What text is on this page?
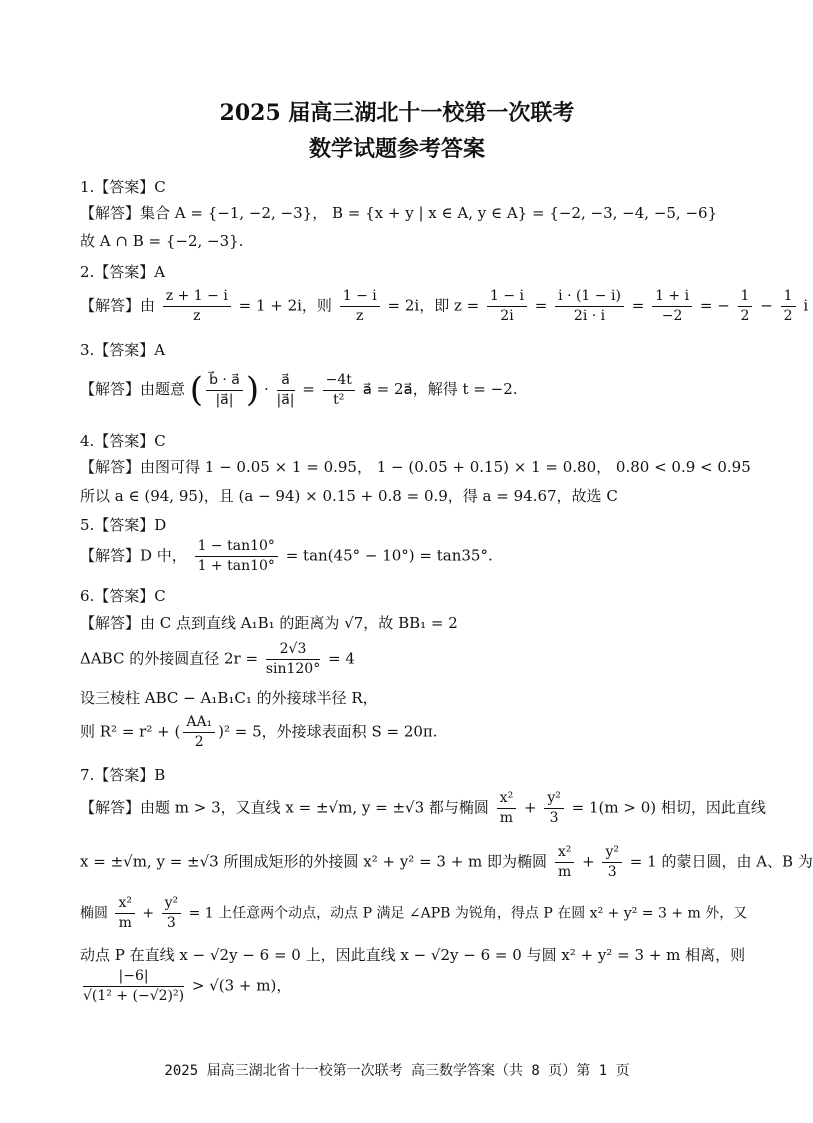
2025 届高三湖北十一校第一次联考
数学试题参考答案
1.【答案】C
【解答】集合 A = {−1, −2, −3}， B = {x + y | x ∈ A, y ∈ A} = {−2, −3, −4, −5, −6}
故 A ∩ B = {−2, −3}.
2.【答案】A
【解答】由 $\frac{z + 1 - i}{z} = 1 + 2i$，则 $\frac{1 - i}{z} = 2i$，即 $z = \frac{1 - i}{2i} = \frac{i \cdot (1 - i)}{2i \cdot i} = \frac{1 + i}{-2}$ = − $\frac{1}{2} - \frac{1}{2}$ i
3.【答案】A
【解答】由题意 ( $\frac{b⃗ \cdot a⃗}{|a⃗|}$ ) · $\frac{a⃗}{|a⃗|} = \frac{-4t}{\text{t²}}$ a⃗ = 2a⃗，解得 t = −2.
4.【答案】C
【解答】由图可得 1 − 0.05 × 1 = 0.95， 1 − (0.05 + 0.15) × 1 = 0.80， 0.80 < 0.9 < 0.95
所以 a ∈ (94, 95)，且 (a − 94) × 0.15 + 0.8 = 0.9，得 a = 94.67，故选 C
5.【答案】D
【解答】D 中， $\frac{1 - \tan 10^\circ}{1 + \tan 10^\circ} = \tan(45^\circ - 10^\circ) = \tan 35^\circ$.
6.【答案】C
【解答】由 C 点到直线 A₁B₁ 的距离为 √7，故 BB₁ = 2
ΔABC 的外接圆直径 $2r = \frac{2√3}{\sin 120^\circ} = 4$
设三棱柱 ABC − A₁B₁C₁ 的外接球半径 R，
则 R² = r² + ( $\frac{\text{AA₁}}{2} )^2 = 5$，外接球表面积 S = 20π.
7.【答案】B
【解答】由题 m > 3，又直线 x = ±√m, y = ±√3 都与椭圆 $\frac{\text{x²}}{m} + \frac{\text{y²}}{3} = 1(m > 0)$ 相切，因此直线
x = ±√m, y = ±√3 所围成矩形的外接圆 x² + y² = 3 + m 即为椭圆 $\frac{\text{x²}}{m} + \frac{\text{y²}}{3} = 1$ 的蒙日圆，由 A、B 为
椭圆 $\frac{\text{x²}}{m} + \frac{\text{y²}}{3} = 1$ 上任意两个动点，动点 P 满足 ∠APB 为锐角，得点 P 在圆 x² + y² = 3 + m 外，又
动点 P 在直线 x − √2y − 6 = 0 上，因此直线 x − √2y − 6 = 0 与圆 x² + y² = 3 + m 相离，则
$\frac{|-6|}{\text{√(1² + (−√2)²)}} > √(3 + m)$，
2025 届高三湖北省十一校第一次联考 高三数学答案（共 8 页）第 1 页
